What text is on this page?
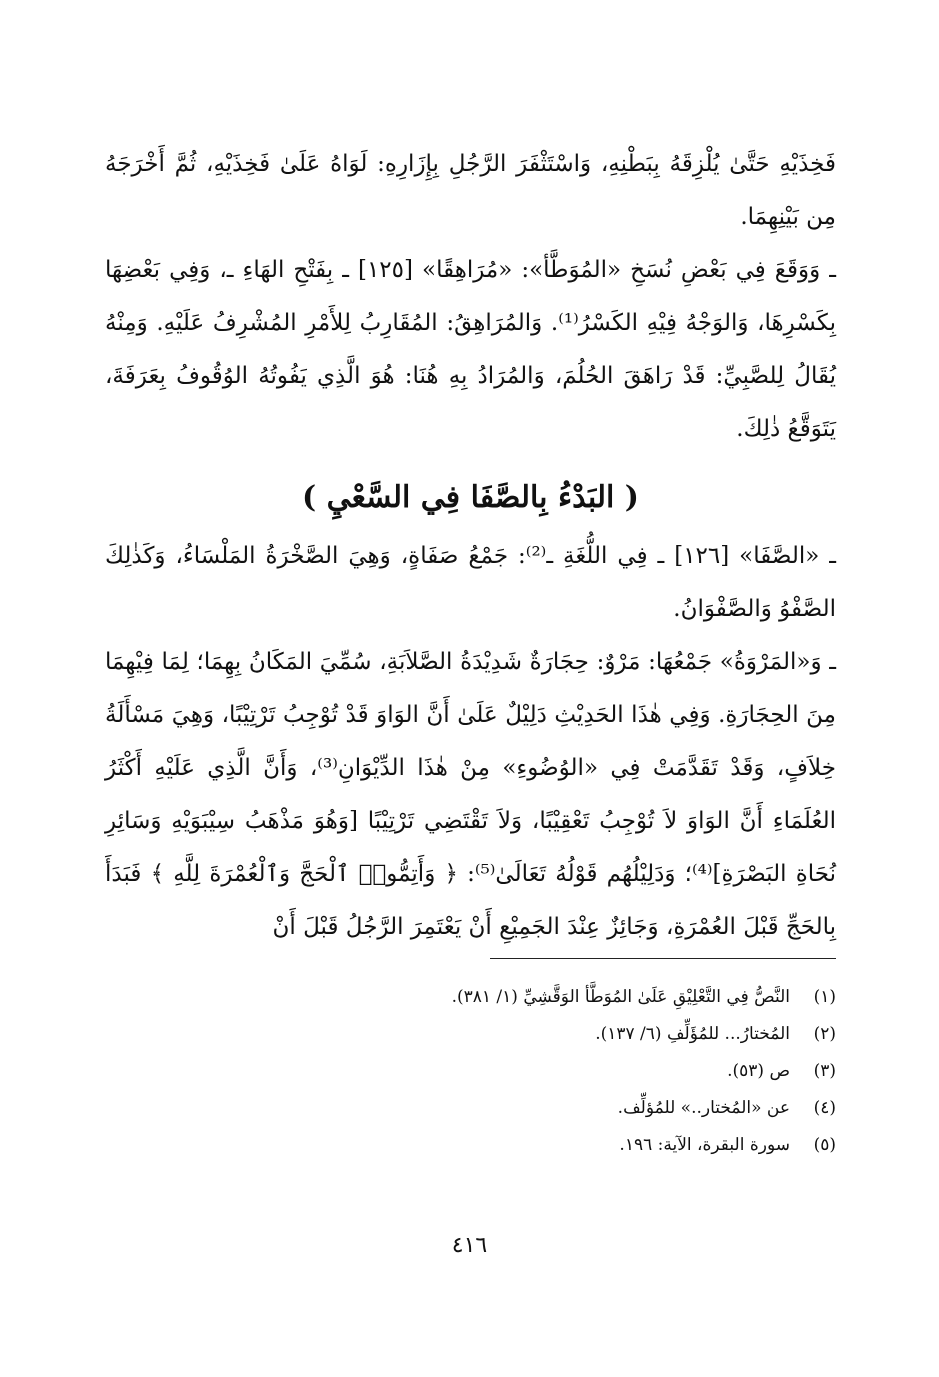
فَخِذَيْهِ حَتَّىٰ يُلْزِقَهُ بِبَطْنِهِ، وَاسْتَثْفَرَ الرَّجُلِ بِإِزَارِهِ: لَوَاهُ عَلَىٰ فَخِذَيْهِ، ثُمَّ أَخْرَجَهُ مِن بَيْنِهِمَا.

ـ وَوَقَعَ فِي بَعْضِ نُسَخِ «المُوَطَّأ»: «مُرَاهِقًا» [١٢٥] ـ بِفَتْحِ الهَاءِ ـ، وَفِي بَعْضِهَا بِكَسْرِهَا، وَالوَجْهُ فِيْهِ الكَسْرُ⁽¹⁾. وَالمُرَاهِقُ: المُقَارِبُ لِلأَمْرِ المُشْرِفُ عَلَيْهِ. وَمِنْهُ يُقَالُ لِلصَّبِيِّ: قَدْ رَاهَقَ الحُلُمَ، وَالمُرَادُ بِهِ هُنَا: هُوَ الَّذِي يَفُوتُهُ الوُقُوفُ بِعَرَفَةَ، يَتَوَقَّعُ ذٰلِكَ.

( البَدْءُ بِالصَّفَا فِي السَّعْيِ )

ـ «الصَّفَا» [١٢٦] ـ فِي اللُّغَةِ ـ⁽²⁾: جَمْعُ صَفَاةٍ، وَهِيَ الصَّخْرَةُ المَلْسَاءُ، وَكَذٰلِكَ الصَّفْوُ وَالصَّفْوَانُ.

ـ وَ«المَرْوَةُ» جَمْعُهَا: مَرْوٌ: حِجَارَةٌ شَدِيْدَةُ الصَّلاَبَةِ، سُمِّيَ المَكَانُ بِهِمَا؛ لِمَا فِيْهِمَا مِنَ الحِجَارَةِ. وَفِي هٰذَا الحَدِيْثِ دَلِيْلٌ عَلَىٰ أَنَّ الوَاوَ قَدْ تُوْجِبُ تَرْتِيْبًا، وَهِيَ مَسْأَلَةُ خِلاَفٍ، وَقَدْ تَقَدَّمَتْ فِي «الوُضُوءِ» مِنْ هٰذَا الدِّيْوَانِ⁽³⁾، وَأَنَّ الَّذِي عَلَيْهِ أَكْثَرُ العُلَمَاءِ أَنَّ الوَاوَ لاَ تُوْجِبُ تَعْقِيْبًا، وَلاَ تَقْتَضِي تَرْتِيْبًا [وَهُوَ مَذْهَبُ سِيْبَوَيْهِ وَسَائِرِ نُحَاةِ البَصْرَةِ]⁽⁴⁾؛ وَدَلِيْلُهُم قَوْلُهُ تَعَالَىٰ⁽⁵⁾: ﴿ وَأَتِمُّوا۟ ٱلْحَجَّ وَٱلْعُمْرَةَ لِلَّهِ ﴾ فَبَدَأَ بِالحَجِّ قَبْلَ العُمْرَةِ، وَجَائِزٌ عِنْدَ الجَمِيْعِ أَنْ يَعْتَمِرَ الرَّجُلُ قَبْلَ أَنْ

(١)
النَّصُّ فِي التَّعْلِيْقِ عَلَىٰ المُوَطَّأ الوَقَّشِيِّ (١/ ٣٨١).
(٢)
المُختارُ... للمُؤَلِّفِ (٦/ ١٣٧).
(٣)
ص (٥٣).
(٤)
عن «المُختار..» للمُؤلِّف.
(٥)
سورة البقرة، الآية: ١٩٦.
٤١٦
